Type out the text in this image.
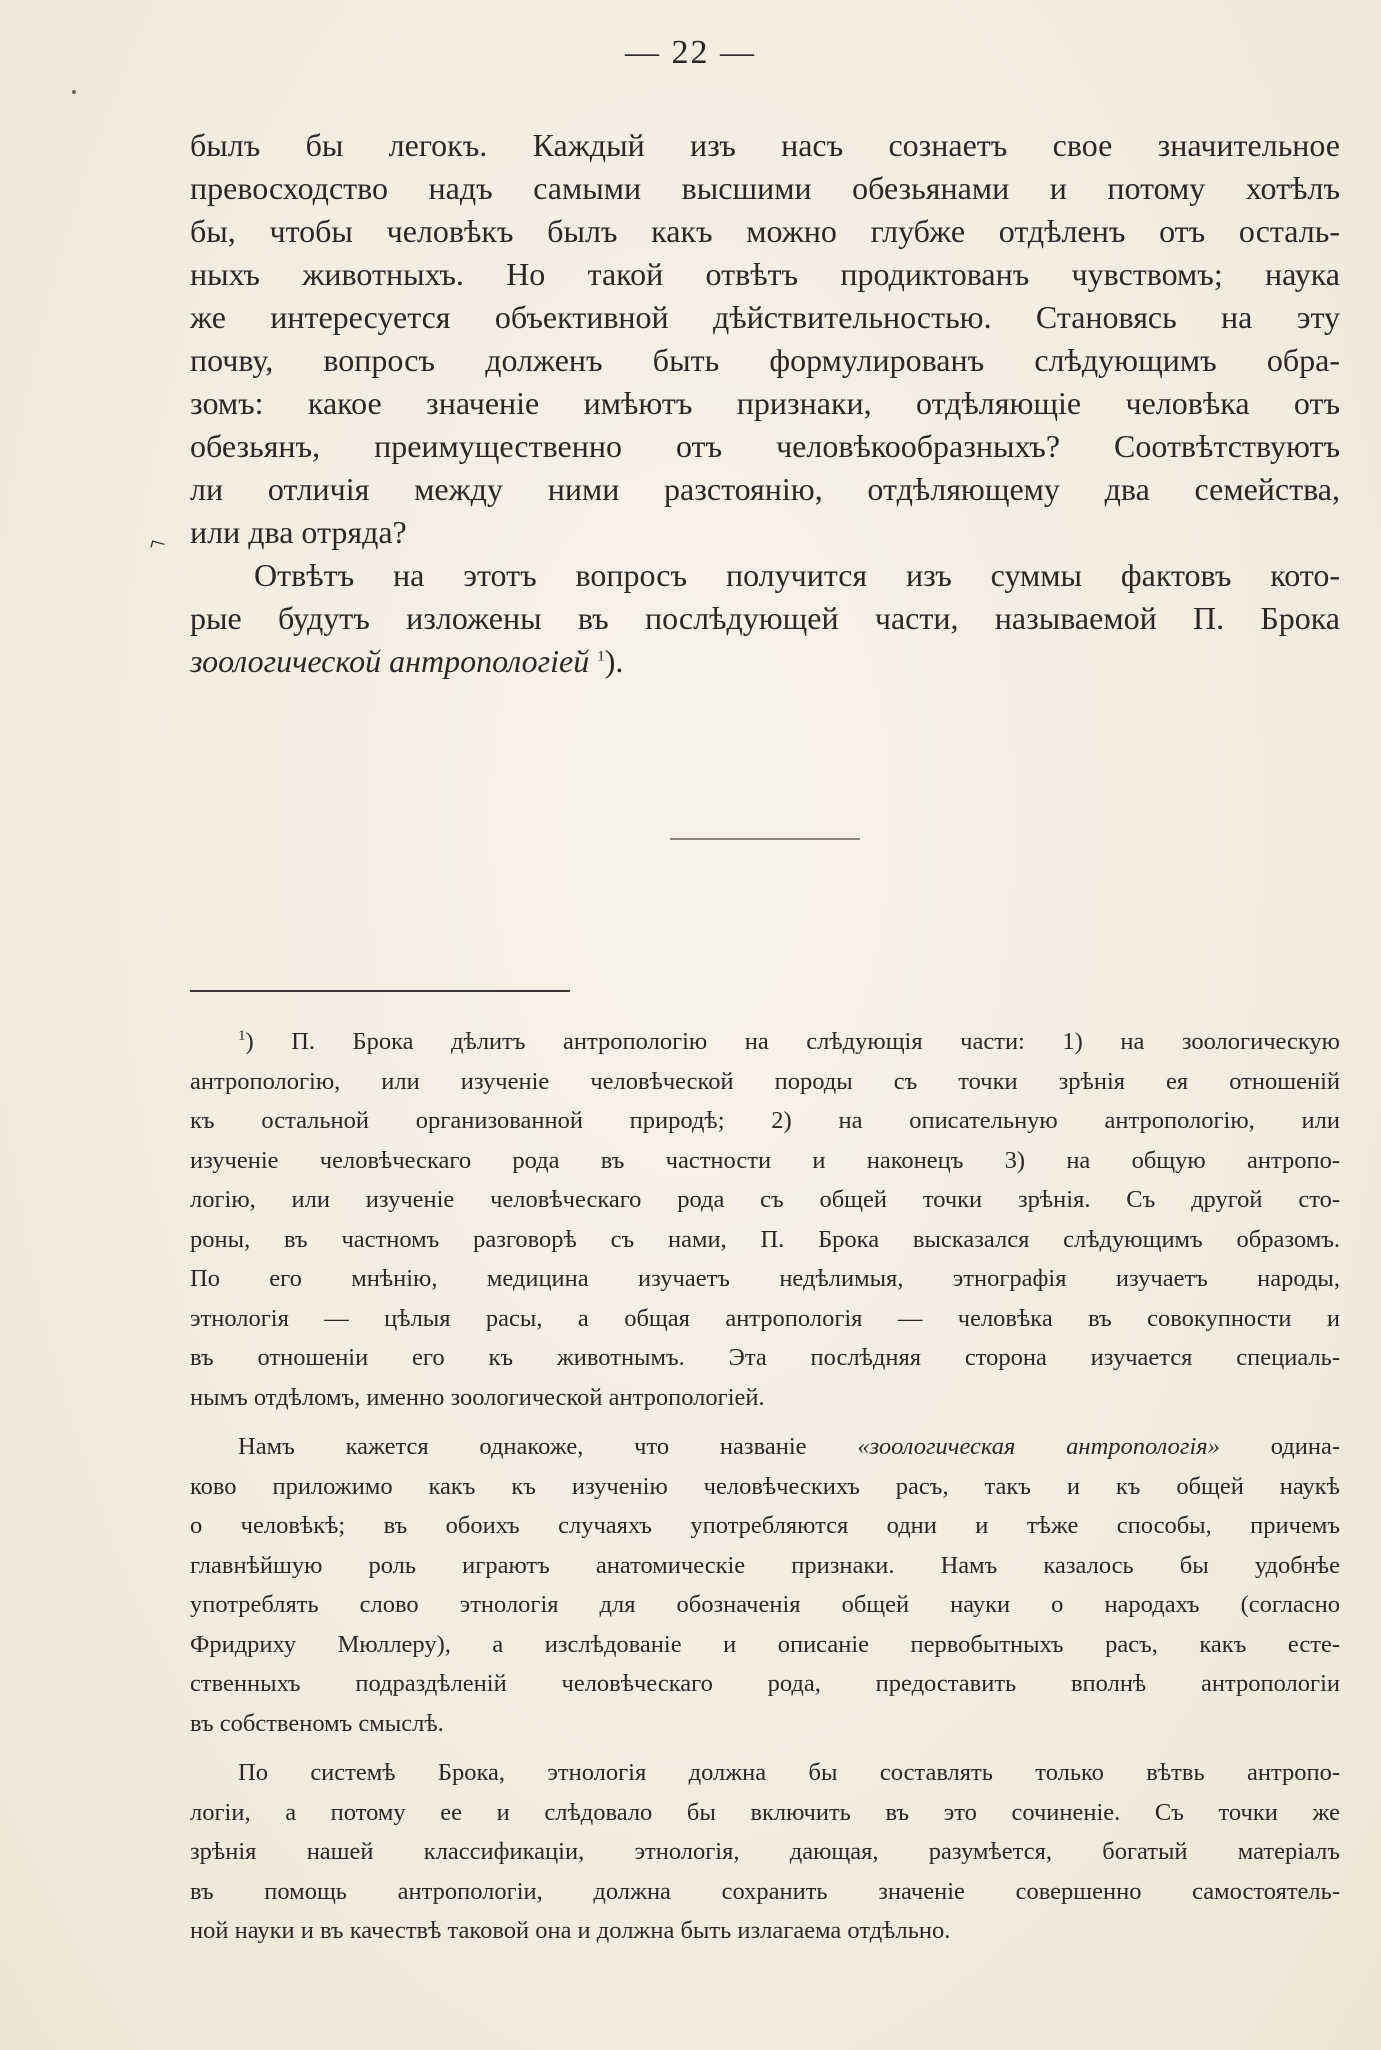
— 22 —
⌐
былъ бы легокъ. Каждый изъ насъ сознаетъ свое значительное
превосходство надъ самыми высшими обезьянами и потому хотѣлъ
бы, чтобы человѣкъ былъ какъ можно глубже отдѣленъ отъ осталь-
ныхъ животныхъ. Но такой отвѣтъ продиктованъ чувствомъ; наука
же интересуется объективной дѣйствительностью. Становясь на эту
почву, вопросъ долженъ быть формулированъ слѣдующимъ обра-
зомъ: какое значеніе имѣютъ признаки, отдѣляющіе человѣка отъ
обезьянъ, преимущественно отъ человѣкообразныхъ? Соотвѣтствуютъ
ли отличія между ними разстоянію, отдѣляющему два семейства,
или два отряда?
Отвѣтъ на этотъ вопросъ получится изъ суммы фактовъ кото-
рые будутъ изложены въ послѣдующей части, называемой П. Брока
зоологической антропологіей $^1$).
$^1$) П. Брока дѣлитъ антропологію на слѣдующія части: 1) на зоологическую
антропологію, или изученіе человѣческой породы съ точки зрѣнія ея отношеній
къ остальной организованной природѣ; 2) на описательную антропологію, или
изученіе человѣческаго рода въ частности и наконецъ 3) на общую антропо-
логію, или изученіе человѣческаго рода съ общей точки зрѣнія. Съ другой сто-
роны, въ частномъ разговорѣ съ нами, П. Брока высказался слѣдующимъ образомъ.
По его мнѣнію, медицина изучаетъ недѣлимыя, этнографія изучаетъ народы,
этнологія — цѣлыя расы, а общая антропологія — человѣка въ совокупности и
въ отношеніи его къ животнымъ. Эта послѣдняя сторона изучается специаль-
нымъ отдѣломъ, именно зоологической антропологіей.
Намъ кажется однакоже, что названіе «зоологическая антропологія» одина-
ково приложимо какъ къ изученію человѣческихъ расъ, такъ и къ общей наукѣ
о человѣкѣ; въ обоихъ случаяхъ употребляются одни и тѣже способы, причемъ
главнѣйшую роль играютъ анатомическіе признаки. Намъ казалось бы удобнѣе
употреблять слово этнологія для обозначенія общей науки о народахъ (согласно
Фридриху Мюллеру), а изслѣдованіе и описаніе первобытныхъ расъ, какъ есте-
ственныхъ подраздѣленій человѣческаго рода, предоставить вполнѣ антропологіи
въ собственомъ смыслѣ.
По системѣ Брока, этнологія должна бы составлять только вѣтвь антропо-
логіи, а потому ее и слѣдовало бы включить въ это сочиненіе. Съ точки же
зрѣнія нашей классификаціи, этнологія, дающая, разумѣется, богатый матеріалъ
въ помощь антропологіи, должна сохранить значеніе совершенно самостоятель-
ной науки и въ качествѣ таковой она и должна быть излагаема отдѣльно.
